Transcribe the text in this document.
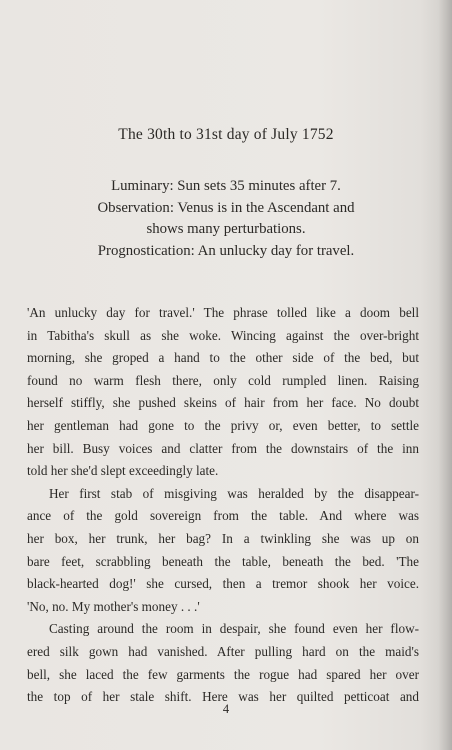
The 30th to 31st day of July 1752
Luminary: Sun sets 35 minutes after 7.
Observation: Venus is in the Ascendant and
shows many perturbations.
Prognostication: An unlucky day for travel.
'An unlucky day for travel.' The phrase tolled like a doom bell
in Tabitha's skull as she woke. Wincing against the over-bright
morning, she groped a hand to the other side of the bed, but
found no warm flesh there, only cold rumpled linen. Raising
herself stiffly, she pushed skeins of hair from her face. No doubt
her gentleman had gone to the privy or, even better, to settle
her bill. Busy voices and clatter from the downstairs of the inn
told her she'd slept exceedingly late.
Her first stab of misgiving was heralded by the disappear-
ance of the gold sovereign from the table. And where was
her box, her trunk, her bag? In a twinkling she was up on
bare feet, scrabbling beneath the table, beneath the bed. 'The
black-hearted dog!' she cursed, then a tremor shook her voice.
'No, no. My mother's money . . .'
Casting around the room in despair, she found even her flow-
ered silk gown had vanished. After pulling hard on the maid's
bell, she laced the few garments the rogue had spared her over
the top of her stale shift. Here was her quilted petticoat and
4
